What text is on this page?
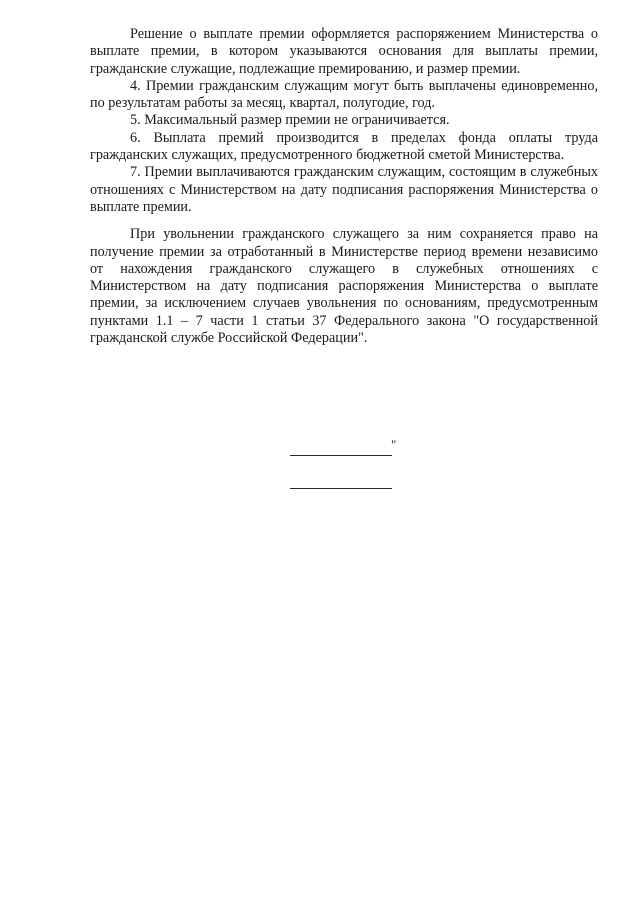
Решение о выплате премии оформляется распоряжением Министерства о выплате премии, в котором указываются основания для выплаты премии, гражданские служащие, подлежащие премированию, и размер премии.

4. Премии гражданским служащим могут быть выплачены единовременно, по результатам работы за месяц, квартал, полугодие, год.

5. Максимальный размер премии не ограничивается.

6. Выплата премий производится в пределах фонда оплаты труда гражданских служащих, предусмотренного бюджетной сметой Министерства.

7. Премии выплачиваются гражданским служащим, состоящим в служебных отношениях с Министерством на дату подписания распоряжения Министерства о выплате премии.

При увольнении гражданского служащего за ним сохраняется право на получение премии за отработанный в Министерстве период времени независимо от нахождения гражданского служащего в служебных отношениях с Министерством на дату подписания распоряжения Министерства о выплате премии, за исключением случаев увольнения по основаниям, предусмотренным пунктами 1.1 – 7 части 1 статьи 37 Федерального закона "О государственной гражданской службе Российской Федерации".

"
